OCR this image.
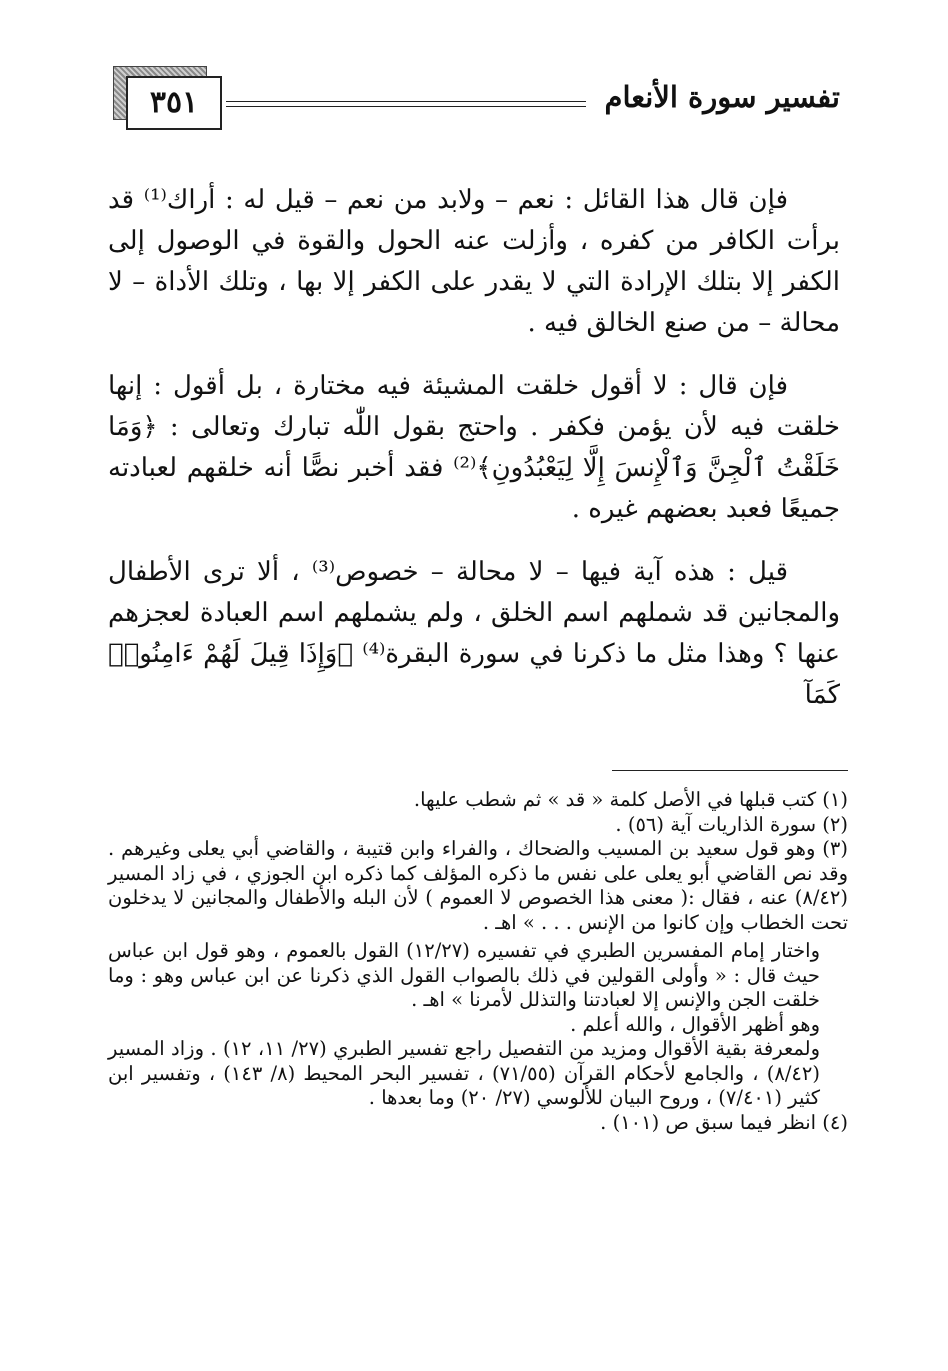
٣٥١	تفسير سورة الأنعام

فإن قال هذا القائل : نعم – ولابد من نعم – قيل له : أراك⁽¹⁾ قد برأت الكافر من كفره ، وأزلت عنه الحول والقوة في الوصول إلى الكفر إلا بتلك الإرادة التي لا يقدر على الكفر إلا بها ، وتلك الأداة – لا محالة – من صنع الخالق فيه .

فإن قال : لا أقول خلقت المشيئة فيه مختارة ، بل أقول : إنها خلقت فيه لأن يؤمن فكفر . واحتج بقول اللّٰه تبارك وتعالى : ﴿وَمَا خَلَقْتُ ٱلْجِنَّ وَٱلْإِنسَ إِلَّا لِيَعْبُدُونِ﴾⁽²⁾ فقد أخبر نصًّا أنه خلقهم لعبادته جميعًا فعبد بعضهم غيره .

قيل : هذه آية فيها – لا محالة – خصوص⁽³⁾ ، ألا ترى الأطفال والمجانين قد شملهم اسم الخلق ، ولم يشملهم اسم العبادة لعجزهم عنها ؟ وهذا مثل ما ذكرنا في سورة البقرة⁽⁴⁾ ﴿وَإِذَا قِيلَ لَهُمْ ءَامِنُوا۟ كَمَآ

(١) كتب قبلها في الأصل كلمة « قد » ثم شطب عليها.

(٢) سورة الذاريات آية (٥٦) .

(٣) وهو قول سعيد بن المسيب والضحاك ، والفراء وابن قتيبة ، والقاضي أبي يعلى وغيرهم . وقد نص القاضي أبو يعلى على نفس ما ذكره المؤلف كما ذكره ابن الجوزي ، في زاد المسير (٨/٤٢) عنه ، فقال :( معنى هذا الخصوص لا العموم ) لأن البله والأطفال والمجانين لا يدخلون تحت الخطاب وإن كانوا من الإنس . . . » اهـ .

واختار إمام المفسرين الطبري في تفسيره (١٢/٢٧) القول بالعموم ، وهو قول ابن عباس حيث قال : « وأولى القولين في ذلك بالصواب القول الذي ذكرنا عن ابن عباس وهو : وما خلقت الجن والإنس إلا لعبادتنا والتذلل لأمرنا » اهـ .

وهو أظهر الأقوال ، والله أعلم .

ولمعرفة بقية الأقوال ومزيد من التفصيل راجع تفسير الطبري (٢٧/ ١١، ١٢) . وزاد المسير (٨/٤٢) ، والجامع لأحكام القرآن (٧١/٥٥) ، تفسير البحر المحيط (٨/ ١٤٣) ، وتفسير ابن كثير (٧/٤٠١) ، وروح البيان للألوسي (٢٧/ ٢٠) وما بعدها .

(٤) انظر فيما سبق ص (١٠١) .
